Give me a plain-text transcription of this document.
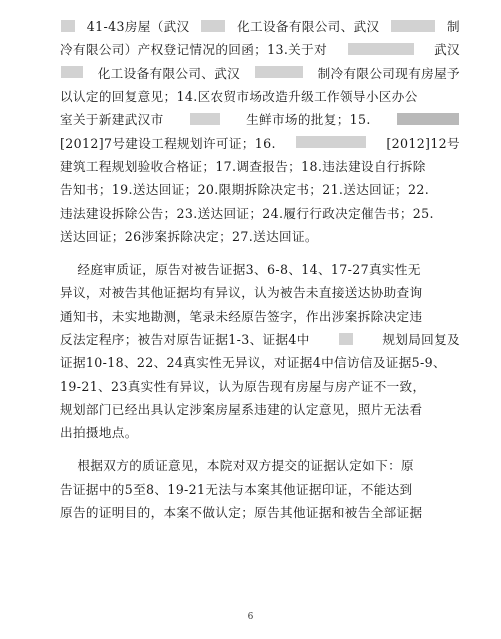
41-43房屋（武汉	化工设备有限公司、武汉	制
冷有限公司）产权登记情况的回函；13.关于对	武汉
化工设备有限公司、武汉	制冷有限公司现有房屋予
以认定的回复意见；14.区农贸市场改造升级工作领导小区办公
室关于新建武汉市	生鲜市场的批复；15.
[2012]7号建设工程规划许可证；16.	[2012]12号
建筑工程规划验收合格证；17.调查报告；18.违法建设自行拆除
告知书；19.送达回证；20.限期拆除决定书；21.送达回证；22.
违法建设拆除公告；23.送达回证；24.履行行政决定催告书；25.
送达回证；26涉案拆除决定；27.送达回证。
经庭审质证，原告对被告证据3、6-8、14、17-27真实性无
异议，对被告其他证据均有异议，认为被告未直接送达协助查询
通知书，未实地勘测，笔录未经原告签字，作出涉案拆除决定违
反法定程序；被告对原告证据1-3、证据4中	规划局回复及
证据10-18、22、24真实性无异议，对证据4中信访信及证据5-9、
19-21、23真实性有异议，认为原告现有房屋与房产证不一致，
规划部门已经出具认定涉案房屋系违建的认定意见，照片无法看
出拍摄地点。
根据双方的质证意见，本院对双方提交的证据认定如下：原
告证据中的5至8、19-21无法与本案其他证据印证，不能达到
原告的证明目的，本案不做认定；原告其他证据和被告全部证据
6
